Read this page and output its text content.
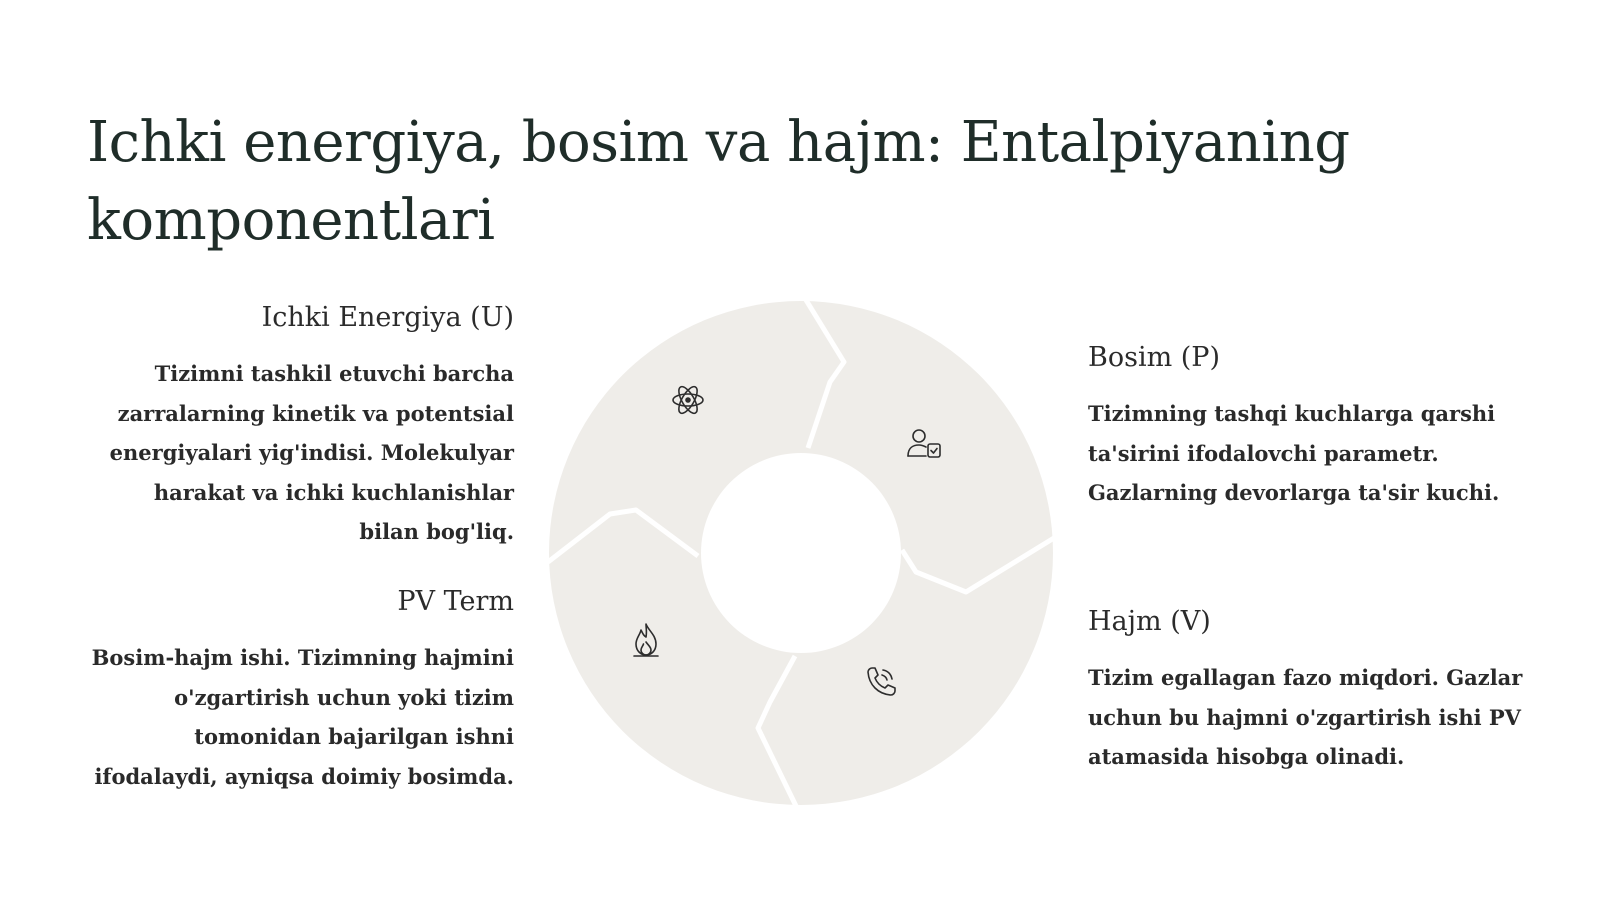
Ichki energiya, bosim va hajm: Entalpiyaning komponentlari
Ichki Energiya (U)

Tizimni tashkil etuvchi barcha zarralarning kinetik va potentsial energiyalari yig'indisi. Molekulyar harakat va ichki kuchlanishlar bilan bog'liq.

PV Term

Bosim-hajm ishi. Tizimning hajmini o'zgartirish uchun yoki tizim tomonidan bajarilgan ishni ifodalaydi, ayniqsa doimiy bosimda.

Bosim (P)

Tizimning tashqi kuchlarga qarshi ta'sirini ifodalovchi parametr. Gazlarning devorlarga ta'sir kuchi.

Hajm (V)

Tizim egallagan fazo miqdori. Gazlar uchun bu hajmni o'zgartirish ishi PV atamasida hisobga olinadi.
